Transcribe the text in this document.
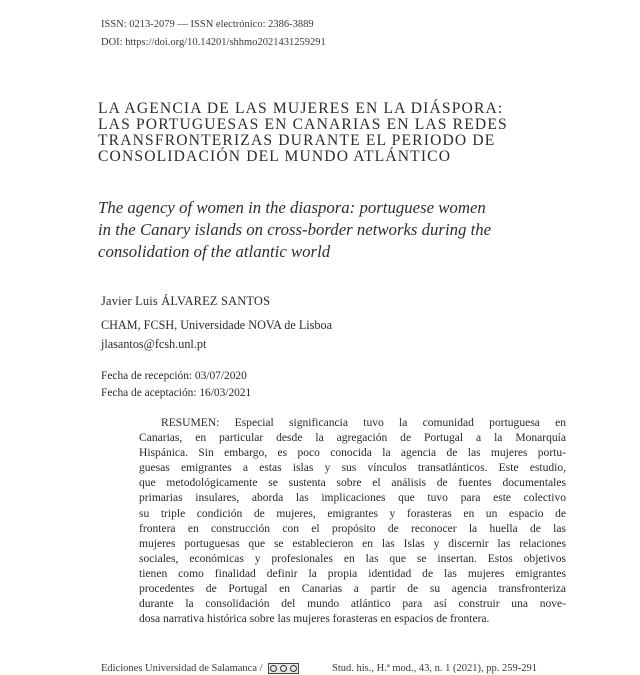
ISSN: 0213-2079 — ISSN electrónico: 2386-3889
DOI: https://doi.org/10.14201/shhmo2021431259291
LA AGENCIA DE LAS MUJERES EN LA DIÁSPORA:
LAS PORTUGUESAS EN CANARIAS EN LAS REDES
TRANSFRONTERIZAS DURANTE EL PERIODO DE
CONSOLIDACIÓN DEL MUNDO ATLÁNTICO
The agency of women in the diaspora: portuguese women
in the Canary islands on cross-border networks during the
consolidation of the atlantic world
Javier Luis ÁLVAREZ SANTOS
CHAM, FCSH, Universidade NOVA de Lisboa
jlasantos@fcsh.unl.pt
Fecha de recepción: 03/07/2020
Fecha de aceptación: 16/03/2021
RESUMEN: Especial significancia tuvo la comunidad portuguesa en
Canarias, en particular desde la agregación de Portugal a la Monarquía
Hispánica. Sin embargo, es poco conocida la agencia de las mujeres portu-
guesas emigrantes a estas islas y sus vínculos transatlánticos. Este estudio,
que metodológicamente se sustenta sobre el análisis de fuentes documentales
primarias insulares, aborda las implicaciones que tuvo para este colectivo
su triple condición de mujeres, emigrantes y forasteras en un espacio de
frontera en construcción con el propósito de reconocer la huella de las
mujeres portuguesas que se establecieron en las Islas y discernir las relaciones
sociales, económicas y profesionales en las que se insertan. Estos objetivos
tienen como finalidad definir la propia identidad de las mujeres emigrantes
procedentes de Portugal en Canarias a partir de su agencia transfronteriza
durante la consolidación del mundo atlántico para así construir una nove-
dosa narrativa histórica sobre las mujeres forasteras en espacios de frontera.
Ediciones Universidad de Salamanca /	Stud. his., H.ª mod., 43, n. 1 (2021), pp. 259-291
